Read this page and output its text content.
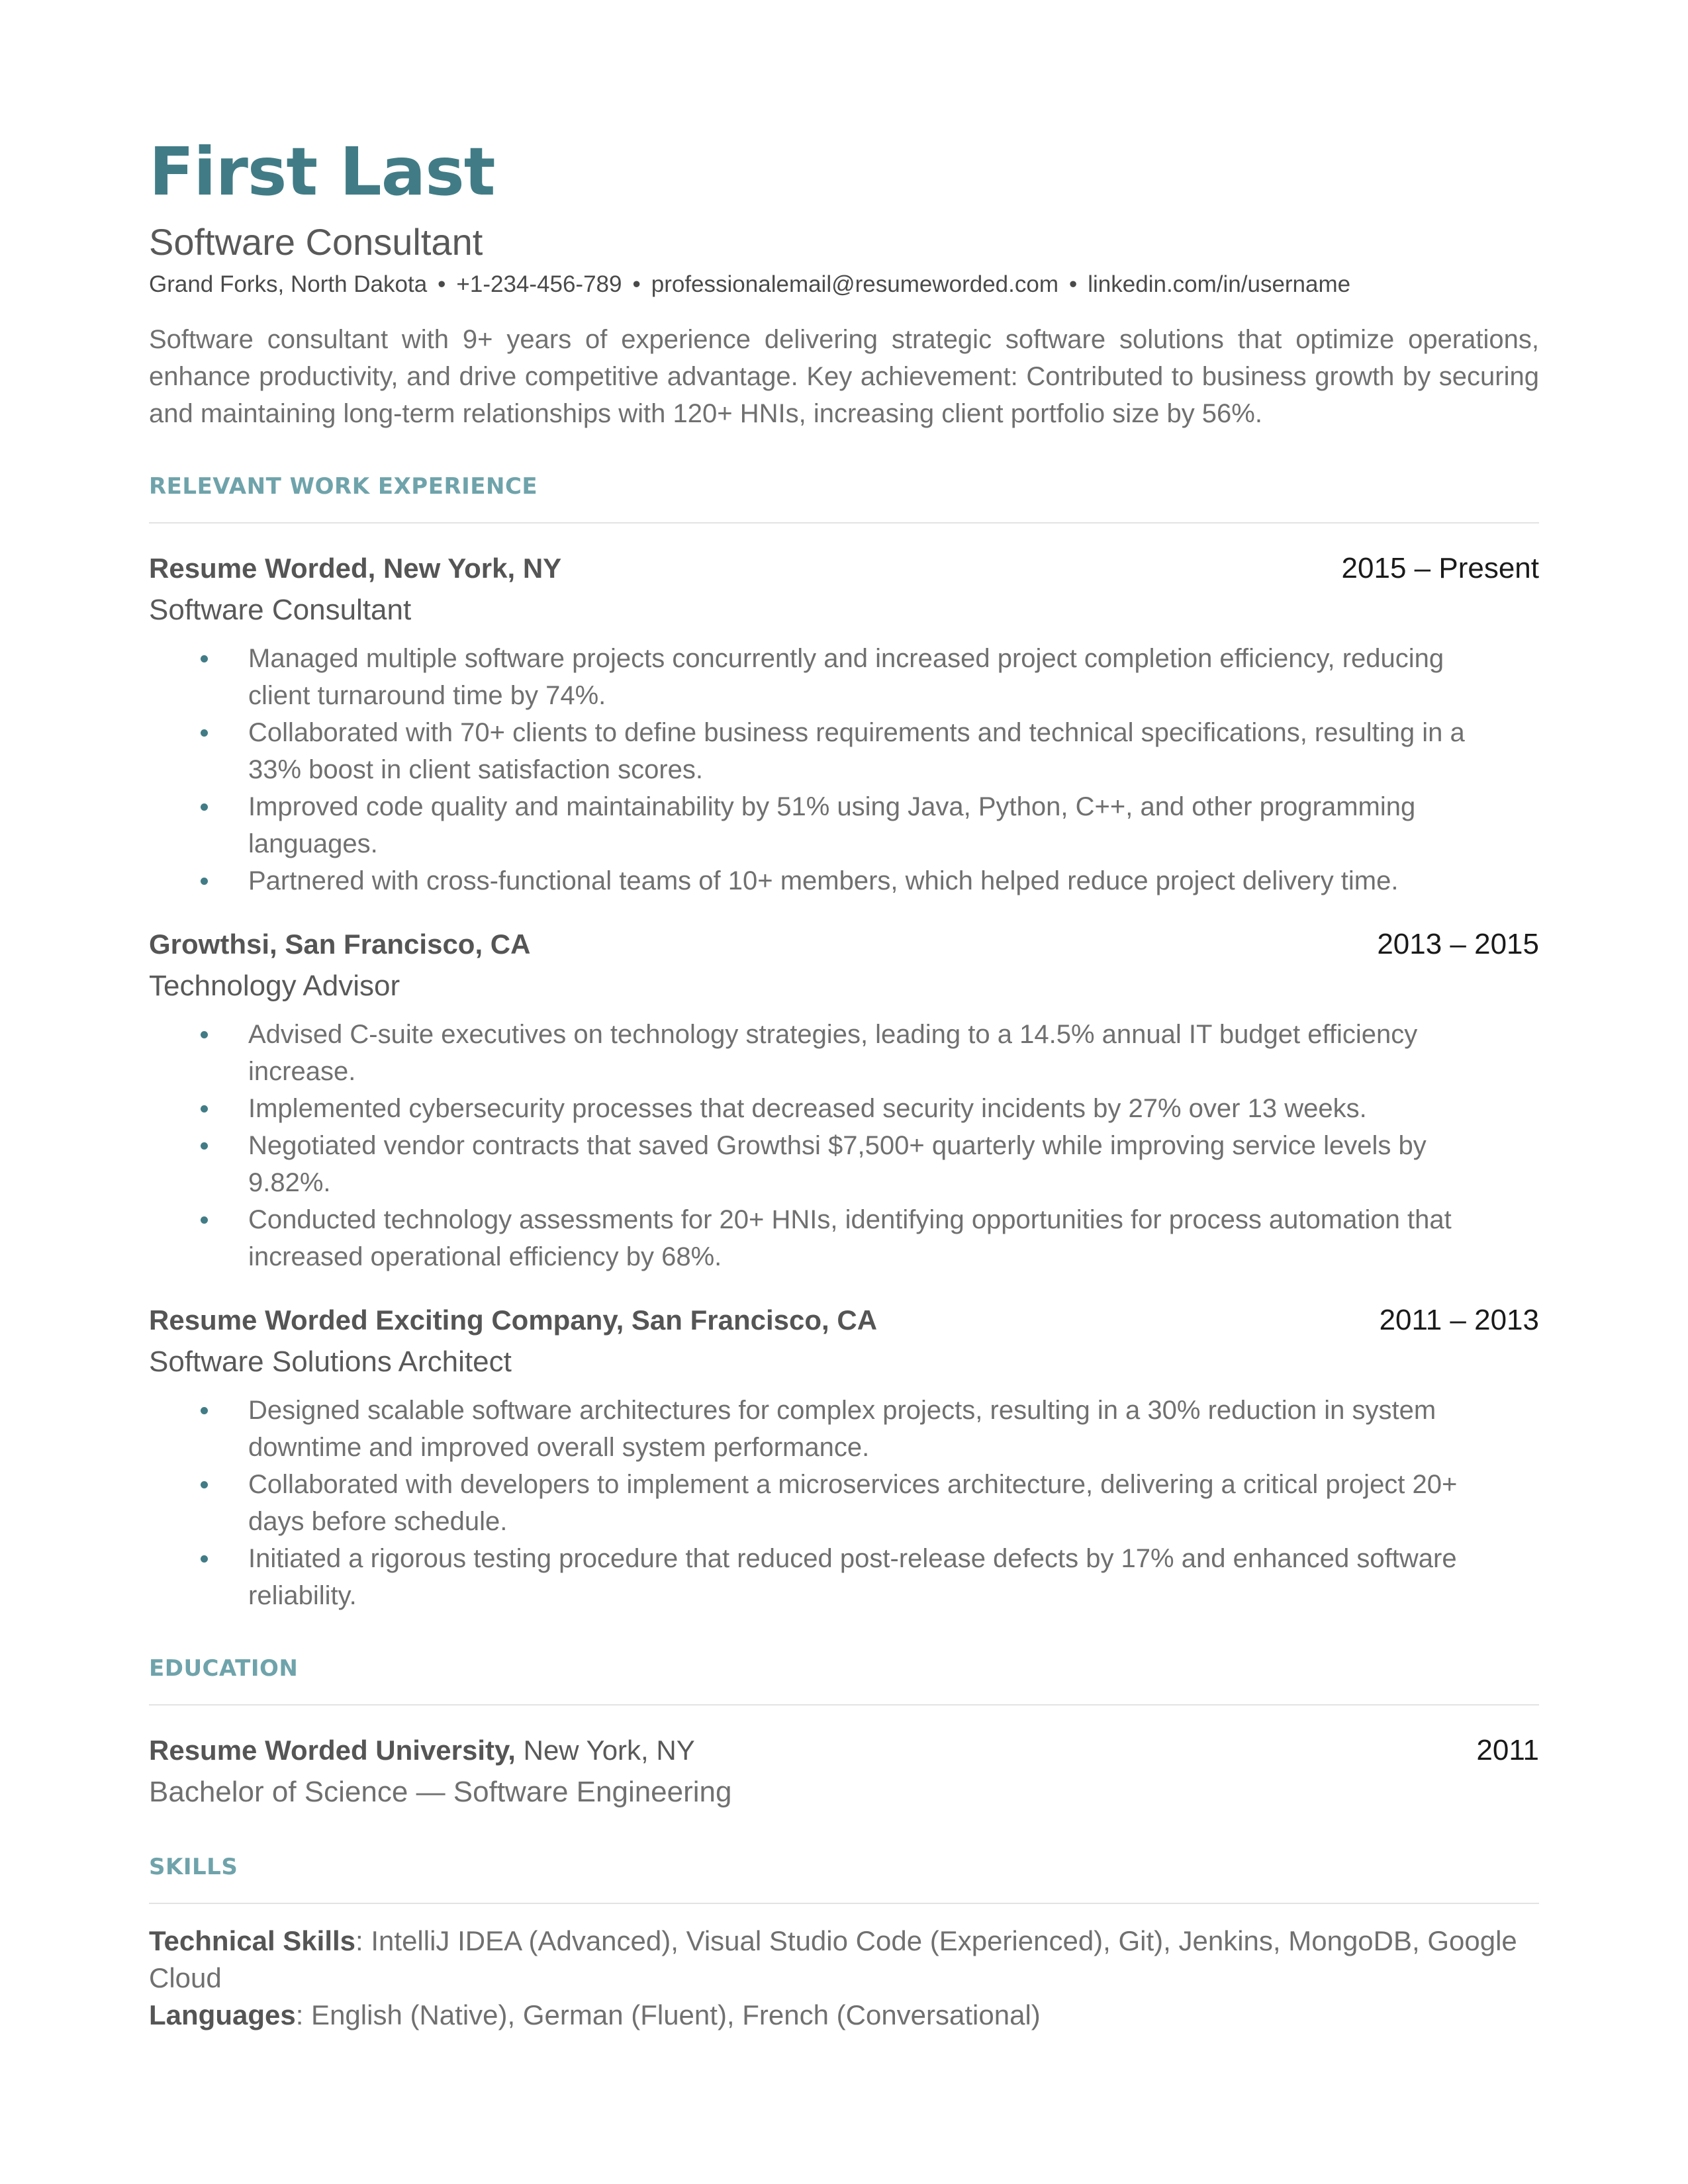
First Last
Software Consultant
Grand Forks, North Dakota • +1-234-456-789 • professionalemail@resumeworded.com • linkedin.com/in/username
Software consultant with 9+ years of experience delivering strategic software solutions that optimize operations, enhance productivity, and drive competitive advantage. Key achievement: Contributed to business growth by securing and maintaining long-term relationships with 120+ HNIs, increasing client portfolio size by 56%.
RELEVANT WORK EXPERIENCE
Resume Worded, New York, NY	2015 – Present
Software Consultant
Managed multiple software projects concurrently and increased project completion efficiency, reducing client turnaround time by 74%.
Collaborated with 70+ clients to define business requirements and technical specifications, resulting in a 33% boost in client satisfaction scores.
Improved code quality and maintainability by 51% using Java, Python, C++, and other programming languages.
Partnered with cross-functional teams of 10+ members, which helped reduce project delivery time.
Growthsi, San Francisco, CA	2013 – 2015
Technology Advisor
Advised C-suite executives on technology strategies, leading to a 14.5% annual IT budget efficiency increase.
Implemented cybersecurity processes that decreased security incidents by 27% over 13 weeks.
Negotiated vendor contracts that saved Growthsi $7,500+ quarterly while improving service levels by 9.82%.
Conducted technology assessments for 20+ HNIs, identifying opportunities for process automation that increased operational efficiency by 68%.
Resume Worded Exciting Company, San Francisco, CA	2011 – 2013
Software Solutions Architect
Designed scalable software architectures for complex projects, resulting in a 30% reduction in system downtime and improved overall system performance.
Collaborated with developers to implement a microservices architecture, delivering a critical project 20+ days before schedule.
Initiated a rigorous testing procedure that reduced post-release defects by 17% and enhanced software reliability.
EDUCATION
Resume Worded University, New York, NY	2011
Bachelor of Science — Software Engineering
SKILLS
Technical Skills: IntelliJ IDEA (Advanced), Visual Studio Code (Experienced), Git), Jenkins, MongoDB, Google Cloud
Languages: English (Native), German (Fluent), French (Conversational)
